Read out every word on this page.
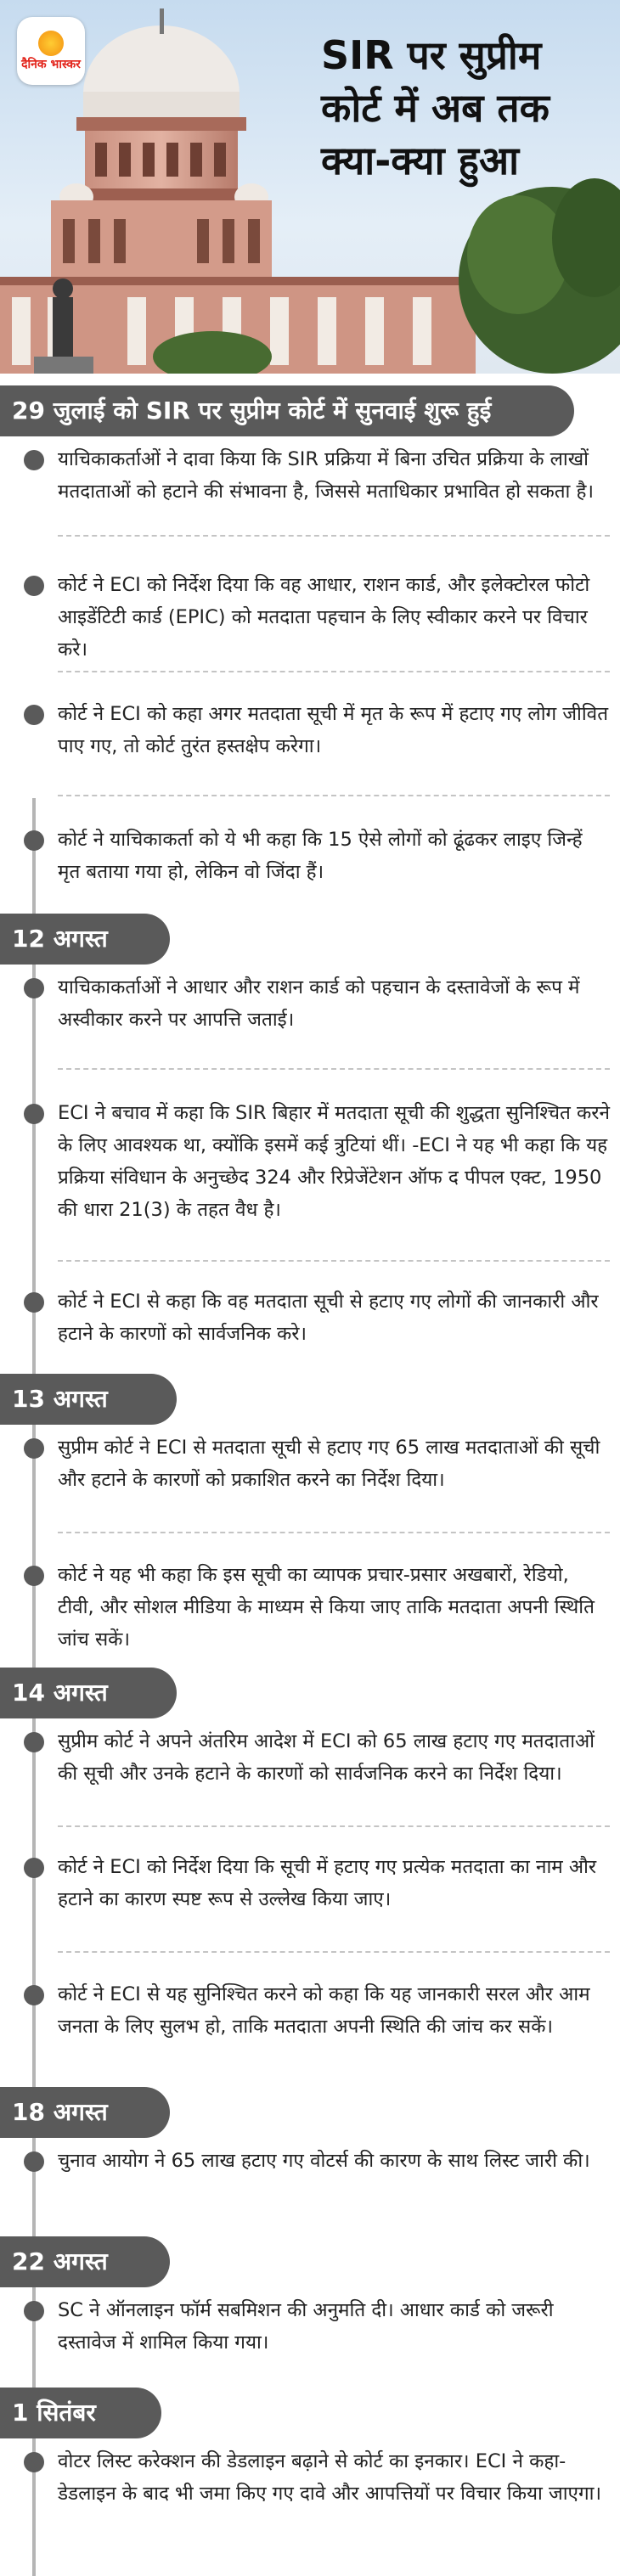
दैनिक भास्कर	SIR पर सुप्रीम कोर्ट में अब तक क्या-क्या हुआ
29 जुलाई को SIR पर सुप्रीम कोर्ट में सुनवाई शुरू हुई
याचिकाकर्ताओं ने दावा किया कि SIR प्रक्रिया में बिना उचित प्रक्रिया के लाखों मतदाताओं को हटाने की संभावना है, जिससे मताधिकार प्रभावित हो सकता है।
कोर्ट ने ECI को निर्देश दिया कि वह आधार, राशन कार्ड, और इलेक्टोरल फोटो आइडेंटिटी कार्ड (EPIC) को मतदाता पहचान के लिए स्वीकार करने पर विचार करे।
कोर्ट ने ECI को कहा अगर मतदाता सूची में मृत के रूप में हटाए गए लोग जीवित पाए गए, तो कोर्ट तुरंत हस्तक्षेप करेगा।
कोर्ट ने याचिकाकर्ता को ये भी कहा कि 15 ऐसे लोगों को ढूंढकर लाइए जिन्हें मृत बताया गया हो, लेकिन वो जिंदा हैं।
12 अगस्त
याचिकाकर्ताओं ने आधार और राशन कार्ड को पहचान के दस्तावेजों के रूप में अस्वीकार करने पर आपत्ति जताई।
ECI ने बचाव में कहा कि SIR बिहार में मतदाता सूची की शुद्धता सुनिश्चित करने के लिए आवश्यक था, क्योंकि इसमें कई त्रुटियां थीं। -ECI ने यह भी कहा कि यह प्रक्रिया संविधान के अनुच्छेद 324 और रिप्रेजेंटेशन ऑफ द पीपल एक्ट, 1950 की धारा 21(3) के तहत वैध है।
कोर्ट ने ECI से कहा कि वह मतदाता सूची से हटाए गए लोगों की जानकारी और हटाने के कारणों को सार्वजनिक करे।
13 अगस्त
सुप्रीम कोर्ट ने ECI से मतदाता सूची से हटाए गए 65 लाख मतदाताओं की सूची और हटाने के कारणों को प्रकाशित करने का निर्देश दिया।
कोर्ट ने यह भी कहा कि इस सूची का व्यापक प्रचार-प्रसार अखबारों, रेडियो, टीवी, और सोशल मीडिया के माध्यम से किया जाए ताकि मतदाता अपनी स्थिति जांच सकें।
14 अगस्त
सुप्रीम कोर्ट ने अपने अंतरिम आदेश में ECI को 65 लाख हटाए गए मतदाताओं की सूची और उनके हटाने के कारणों को सार्वजनिक करने का निर्देश दिया।
कोर्ट ने ECI को निर्देश दिया कि सूची में हटाए गए प्रत्येक मतदाता का नाम और हटाने का कारण स्पष्ट रूप से उल्लेख किया जाए।
कोर्ट ने ECI से यह सुनिश्चित करने को कहा कि यह जानकारी सरल और आम जनता के लिए सुलभ हो, ताकि मतदाता अपनी स्थिति की जांच कर सकें।
18 अगस्त
चुनाव आयोग ने 65 लाख हटाए गए वोटर्स की कारण के साथ लिस्ट जारी की।
22 अगस्त
SC ने ऑनलाइन फॉर्म सबमिशन की अनुमति दी। आधार कार्ड को जरूरी दस्तावेज में शामिल किया गया।
1 सितंबर
वोटर लिस्ट करेक्शन की डेडलाइन बढ़ाने से कोर्ट का इनकार। ECI ने कहा- डेडलाइन के बाद भी जमा किए गए दावे और आपत्तियों पर विचार किया जाएगा।
